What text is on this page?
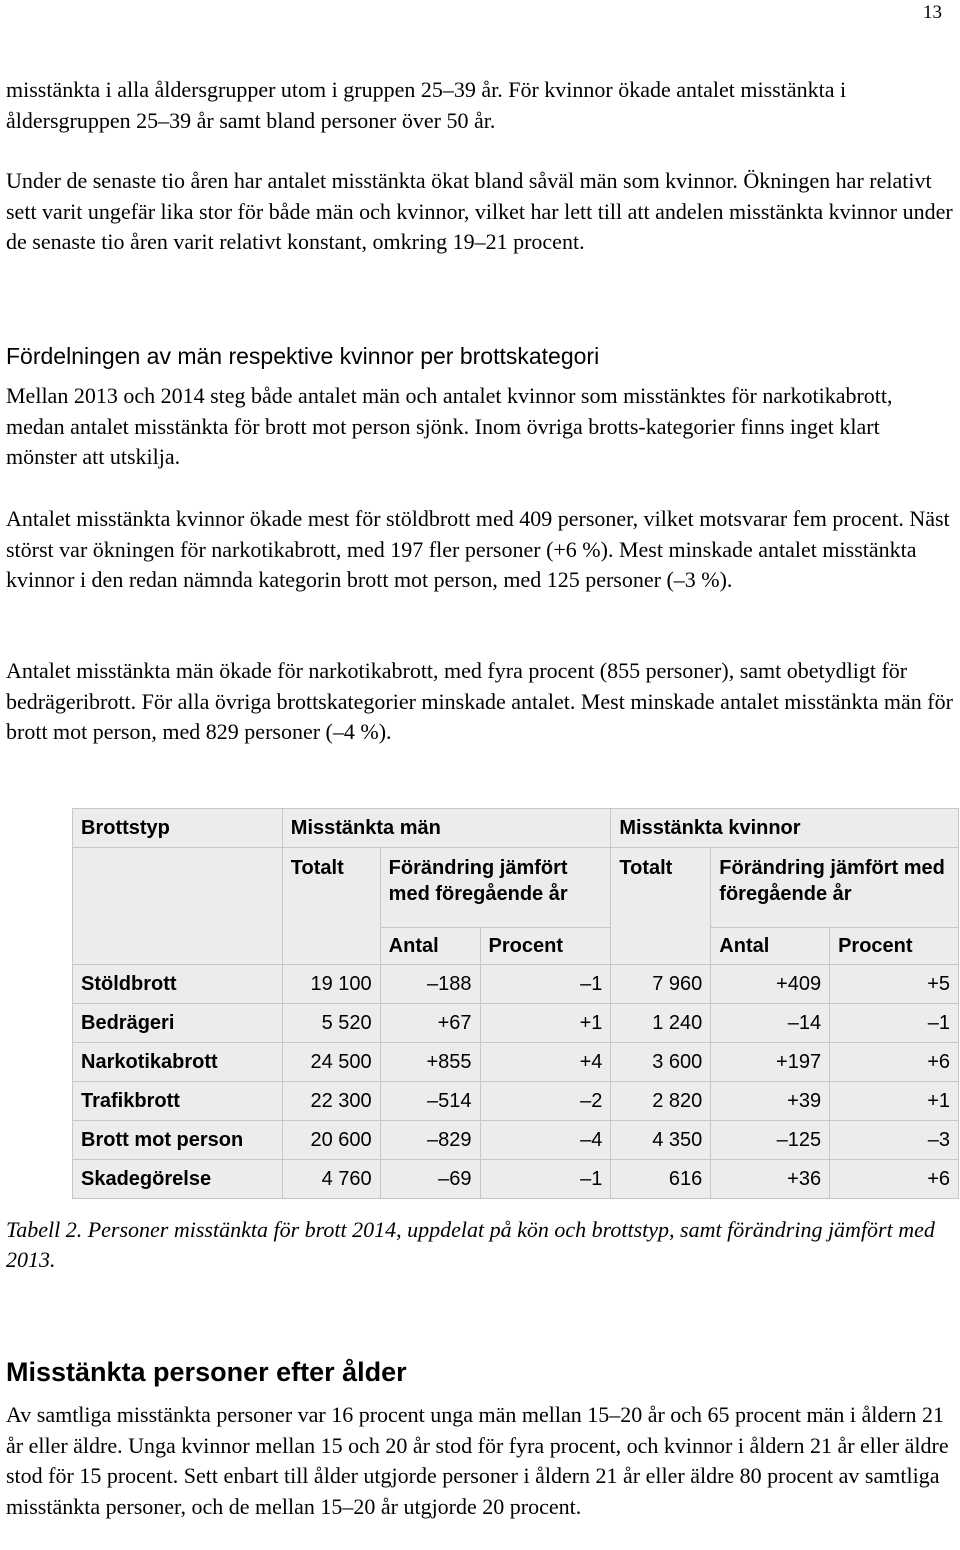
13

misstänkta i alla åldersgrupper utom i gruppen 25–39 år. För kvinnor ökade antalet misstänkta i åldersgruppen 25–39 år samt bland personer över 50 år.

Under de senaste tio åren har antalet misstänkta ökat bland såväl män som kvinnor. Ökningen har relativt sett varit ungefär lika stor för både män och kvinnor, vilket har lett till att andelen misstänkta kvinnor under de senaste tio åren varit relativt konstant, omkring 19–21 procent.

Fördelningen av män respektive kvinnor per brottskategori

Mellan 2013 och 2014 steg både antalet män och antalet kvinnor som misstänktes för narkotikabrott, medan antalet misstänkta för brott mot person sjönk. Inom övriga brotts-kategorier finns inget klart mönster att utskilja.

Antalet misstänkta kvinnor ökade mest för stöldbrott med 409 personer, vilket motsvarar fem procent. Näst störst var ökningen för narkotikabrott, med 197 fler personer (+6 %). Mest minskade antalet misstänkta kvinnor i den redan nämnda kategorin brott mot person, med 125 personer (–3 %).

Antalet misstänkta män ökade för narkotikabrott, med fyra procent (855 personer), samt obetydligt för bedrägeribrott. För alla övriga brottskategorier minskade antalet. Mest minskade antalet misstänkta män för brott mot person, med 829 personer (–4 %).

Brottstyp	Misstänkta män			Misstänkta kvinnor		
	Totalt	Förändring jämfört med föregående år		Totalt	Förändring jämfört med föregående år	
		Antal	Procent		Antal	Procent
Stöldbrott	19 100	–188	–1	7 960	+409	+5
Bedrägeri	5 520	+67	+1	1 240	–14	–1
Narkotikabrott	24 500	+855	+4	3 600	+197	+6
Trafikbrott	22 300	–514	–2	2 820	+39	+1
Brott mot person	20 600	–829	–4	4 350	–125	–3
Skadegörelse	4 760	–69	–1	616	+36	+6

Tabell 2. Personer misstänkta för brott 2014, uppdelat på kön och brottstyp, samt förändring jämfört med 2013.

Misstänkta personer efter ålder

Av samtliga misstänkta personer var 16 procent unga män mellan 15–20 år och 65 procent män i åldern 21 år eller äldre. Unga kvinnor mellan 15 och 20 år stod för fyra procent, och kvinnor i åldern 21 år eller äldre stod för 15 procent. Sett enbart till ålder utgjorde personer i åldern 21 år eller äldre 80 procent av samtliga misstänkta personer, och de mellan 15–20 år utgjorde 20 procent.
